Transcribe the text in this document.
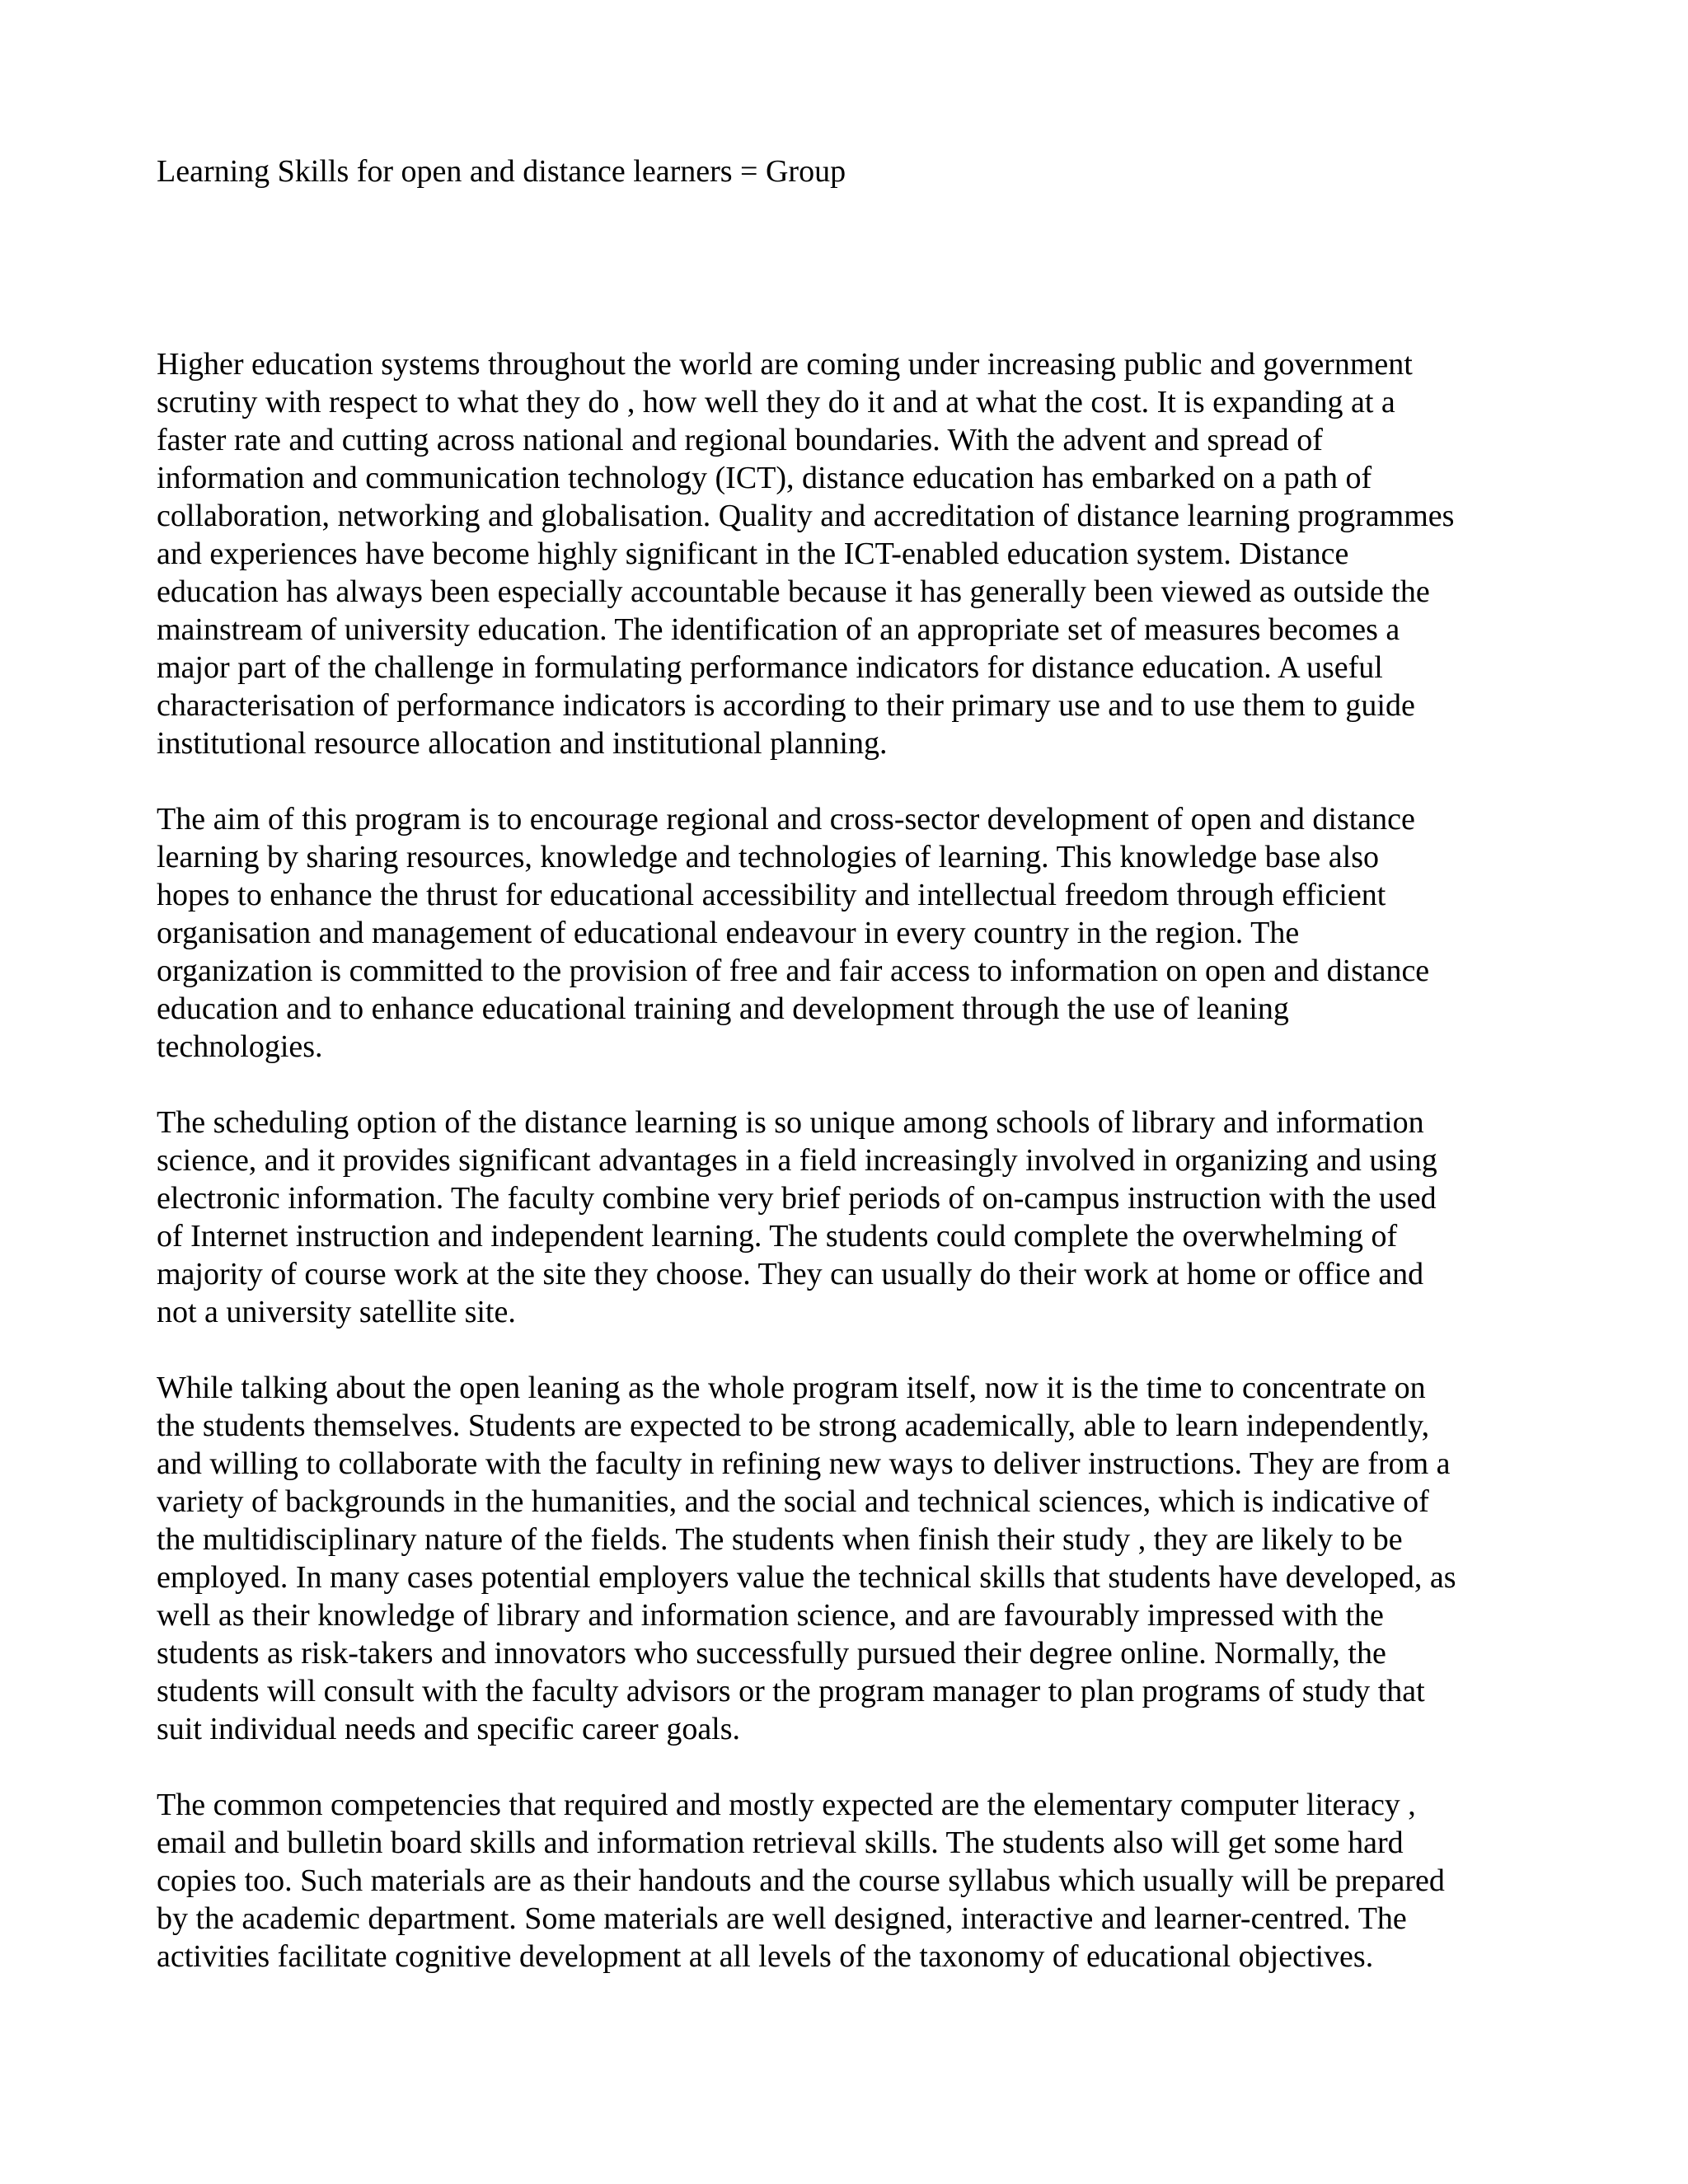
Learning Skills for open and distance learners = Group

Higher education systems throughout the world are coming under increasing public and government
scrutiny with respect to what they do , how well they do it and at what the cost. It is expanding at a
faster rate and cutting across national and regional boundaries. With the advent and spread of
information and communication technology (ICT), distance education has embarked on a path of
collaboration, networking and globalisation. Quality and accreditation of distance learning programmes
and experiences have become highly significant in the ICT-enabled education system. Distance
education has always been especially accountable because it has generally been viewed as outside the
mainstream of university education. The identification of an appropriate set of measures becomes a
major part of the challenge in formulating performance indicators for distance education. A useful
characterisation of performance indicators is according to their primary use and to use them to guide
institutional resource allocation and institutional planning.

The aim of this program is to encourage regional and cross-sector development of open and distance
learning by sharing resources, knowledge and technologies of learning. This knowledge base also
hopes to enhance the thrust for educational accessibility and intellectual freedom through efficient
organisation and management of educational endeavour in every country in the region. The
organization is committed to the provision of free and fair access to information on open and distance
education and to enhance educational training and development through the use of leaning
technologies.

The scheduling option of the distance learning is so unique among schools of library and information
science, and it provides significant advantages in a field increasingly involved in organizing and using
electronic information. The faculty combine very brief periods of on-campus instruction with the used
of Internet instruction and independent learning. The students could complete the overwhelming of
majority of course work at the site they choose. They can usually do their work at home or office and
not a university satellite site.

While talking about the open leaning as the whole program itself, now it is the time to concentrate on
the students themselves. Students are expected to be strong academically, able to learn independently,
and willing to collaborate with the faculty in refining new ways to deliver instructions. They are from a
variety of backgrounds in the humanities, and the social and technical sciences, which is indicative of
the multidisciplinary nature of the fields. The students when finish their study , they are likely to be
employed. In many cases potential employers value the technical skills that students have developed, as
well as their knowledge of library and information science, and are favourably impressed with the
students as risk-takers and innovators who successfully pursued their degree online. Normally, the
students will consult with the faculty advisors or the program manager to plan programs of study that
suit individual needs and specific career goals.

The common competencies that required and mostly expected are the elementary computer literacy ,
email and bulletin board skills and information retrieval skills. The students also will get some hard
copies too. Such materials are as their handouts and the course syllabus which usually will be prepared
by the academic department. Some materials are well designed, interactive and learner-centred. The
activities facilitate cognitive development at all levels of the taxonomy of educational objectives.
